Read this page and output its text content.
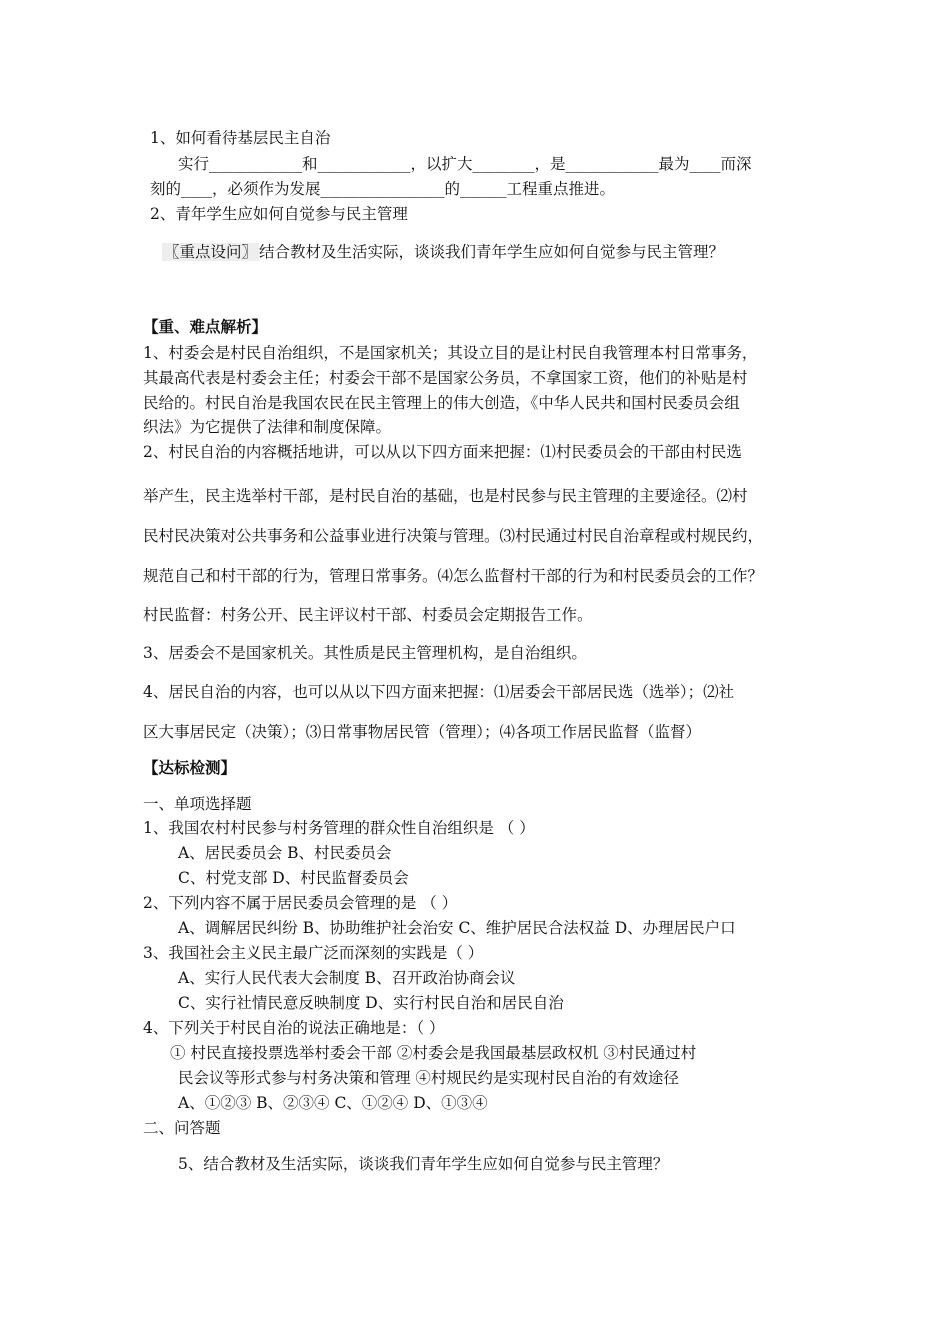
1、如何看待基层民主自治
实行____________和____________，以扩大________，是____________最为____而深
刻的____，必须作为发展________________的______工程重点推进。
2、青年学生应如何自觉参与民主管理
〖重点设问〗 结合教材及生活实际，谈谈我们青年学生应如何自觉参与民主管理？
【重、难点解析】
1、村委会是村民自治组织，不是国家机关；其设立目的是让村民自我管理本村日常事务，
其最高代表是村委会主任；村委会干部不是国家公务员，不拿国家工资，他们的补贴是村
民给的。村民自治是我国农民在民主管理上的伟大创造，《中华人民共和国村民委员会组
织法》为它提供了法律和制度保障。
2、村民自治的内容概括地讲，可以从以下四方面来把握：⑴村民委员会的干部由村民选
举产生，民主选举村干部，是村民自治的基础，也是村民参与民主管理的主要途径。⑵村
民村民决策对公共事务和公益事业进行决策与管理。⑶村民通过村民自治章程或村规民约，
规范自己和村干部的行为，管理日常事务。⑷怎么监督村干部的行为和村民委员会的工作？
村民监督：村务公开、民主评议村干部、村委员会定期报告工作。
3、居委会不是国家机关。其性质是民主管理机构，是自治组织。
4、居民自治的内容，也可以从以下四方面来把握：⑴居委会干部居民选（选举）；⑵社
区大事居民定（决策）；⑶日常事物居民管（管理）；⑷各项工作居民监督（监督）
【达标检测】
一、单项选择题
1、我国农村村民参与村务管理的群众性自治组织是 （ ）
A、居民委员会 B、村民委员会
C、村党支部 D、村民监督委员会
2、下列内容不属于居民委员会管理的是 （ ）
A、调解居民纠纷 B、协助维护社会治安 C、维护居民合法权益 D、办理居民户口
3、我国社会主义民主最广泛而深刻的实践是（ ）
A、实行人民代表大会制度 B、召开政治协商会议
C、实行社情民意反映制度 D、实行村民自治和居民自治
4、下列关于村民自治的说法正确地是：（ ）
① 村民直接投票选举村委会干部 ②村委会是我国最基层政权机 ③村民通过村
民会议等形式参与村务决策和管理 ④村规民约是实现村民自治的有效途径
A、①②③ B、②③④ C、①②④ D、①③④
二、问答题
5、结合教材及生活实际，谈谈我们青年学生应如何自觉参与民主管理？
